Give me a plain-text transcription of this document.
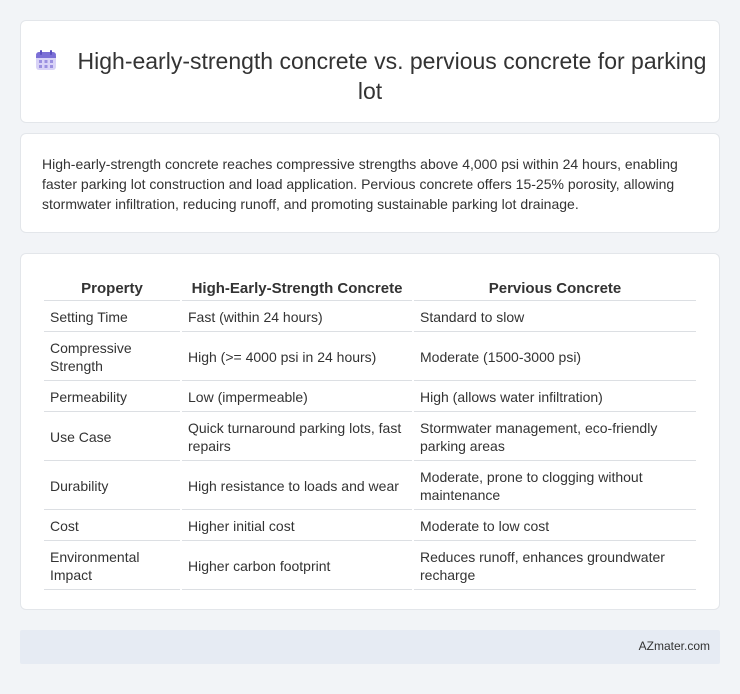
High-early-strength concrete vs. pervious concrete for parking lot

High-early-strength concrete reaches compressive strengths above 4,000 psi within 24 hours, enabling faster parking lot construction and load application. Pervious concrete offers 15-25% porosity, allowing stormwater infiltration, reducing runoff, and promoting sustainable parking lot drainage.

Property	High-Early-Strength Concrete	Pervious Concrete
Setting Time	Fast (within 24 hours)	Standard to slow
Compressive Strength	High (>= 4000 psi in 24 hours)	Moderate (1500-3000 psi)
Permeability	Low (impermeable)	High (allows water infiltration)
Use Case	Quick turnaround parking lots, fast repairs	Stormwater management, eco-friendly parking areas
Durability	High resistance to loads and wear	Moderate, prone to clogging without maintenance
Cost	Higher initial cost	Moderate to low cost
Environmental Impact	Higher carbon footprint	Reduces runoff, enhances groundwater recharge
AZmater.com
